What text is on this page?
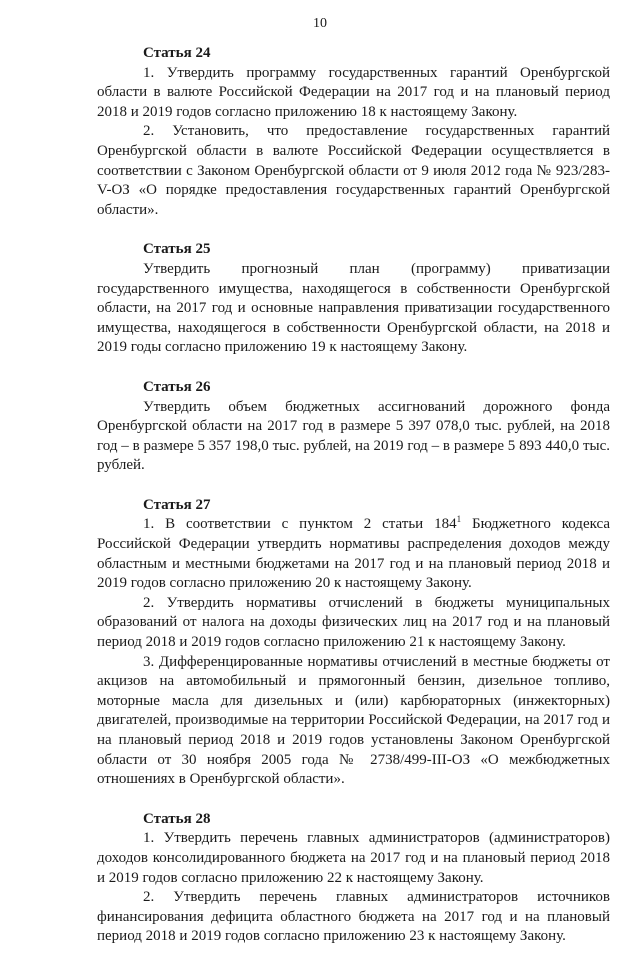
10

Статья 24

1. Утвердить программу государственных гарантий Оренбургской области в валюте Российской Федерации на 2017 год и на плановый период 2018 и 2019 годов согласно приложению 18 к настоящему Закону.

2. Установить, что предоставление государственных гарантий Оренбургской области в валюте Российской Федерации осуществляется в соответствии с Законом Оренбургской области от 9 июля 2012 года № 923/283-V-ОЗ «О порядке предоставления государственных гарантий Оренбургской области».

Статья 25

Утвердить прогнозный план (программу) приватизации государственного имущества, находящегося в собственности Оренбургской области, на 2017 год и основные направления приватизации государственного имущества, находящегося в собственности Оренбургской области, на 2018 и 2019 годы согласно приложению 19 к настоящему Закону.

Статья 26

Утвердить объем бюджетных ассигнований дорожного фонда Оренбургской области на 2017 год в размере 5 397 078,0 тыс. рублей, на 2018 год – в размере 5 357 198,0 тыс. рублей, на 2019 год – в размере 5 893 440,0 тыс. рублей.

Статья 27

1. В соответствии с пунктом 2 статьи $184^1$ Бюджетного кодекса Российской Федерации утвердить нормативы распределения доходов между областным и местными бюджетами на 2017 год и на плановый период 2018 и 2019 годов согласно приложению 20 к настоящему Закону.

2. Утвердить нормативы отчислений в бюджеты муниципальных образований от налога на доходы физических лиц на 2017 год и на плановый период 2018 и 2019 годов согласно приложению 21 к настоящему Закону.

3. Дифференцированные нормативы отчислений в местные бюджеты от акцизов на автомобильный и прямогонный бензин, дизельное топливо, моторные масла для дизельных и (или) карбюраторных (инжекторных) двигателей, производимые на территории Российской Федерации, на 2017 год и на плановый период 2018 и 2019 годов установлены Законом Оренбургской области от 30 ноября 2005 года № 2738/499-III-ОЗ «О межбюджетных отношениях в Оренбургской области».

Статья 28

1. Утвердить перечень главных администраторов (администраторов) доходов консолидированного бюджета на 2017 год и на плановый период 2018 и 2019 годов согласно приложению 22 к настоящему Закону.

2. Утвердить перечень главных администраторов источников финансирования дефицита областного бюджета на 2017 год и на плановый период 2018 и 2019 годов согласно приложению 23 к настоящему Закону.
